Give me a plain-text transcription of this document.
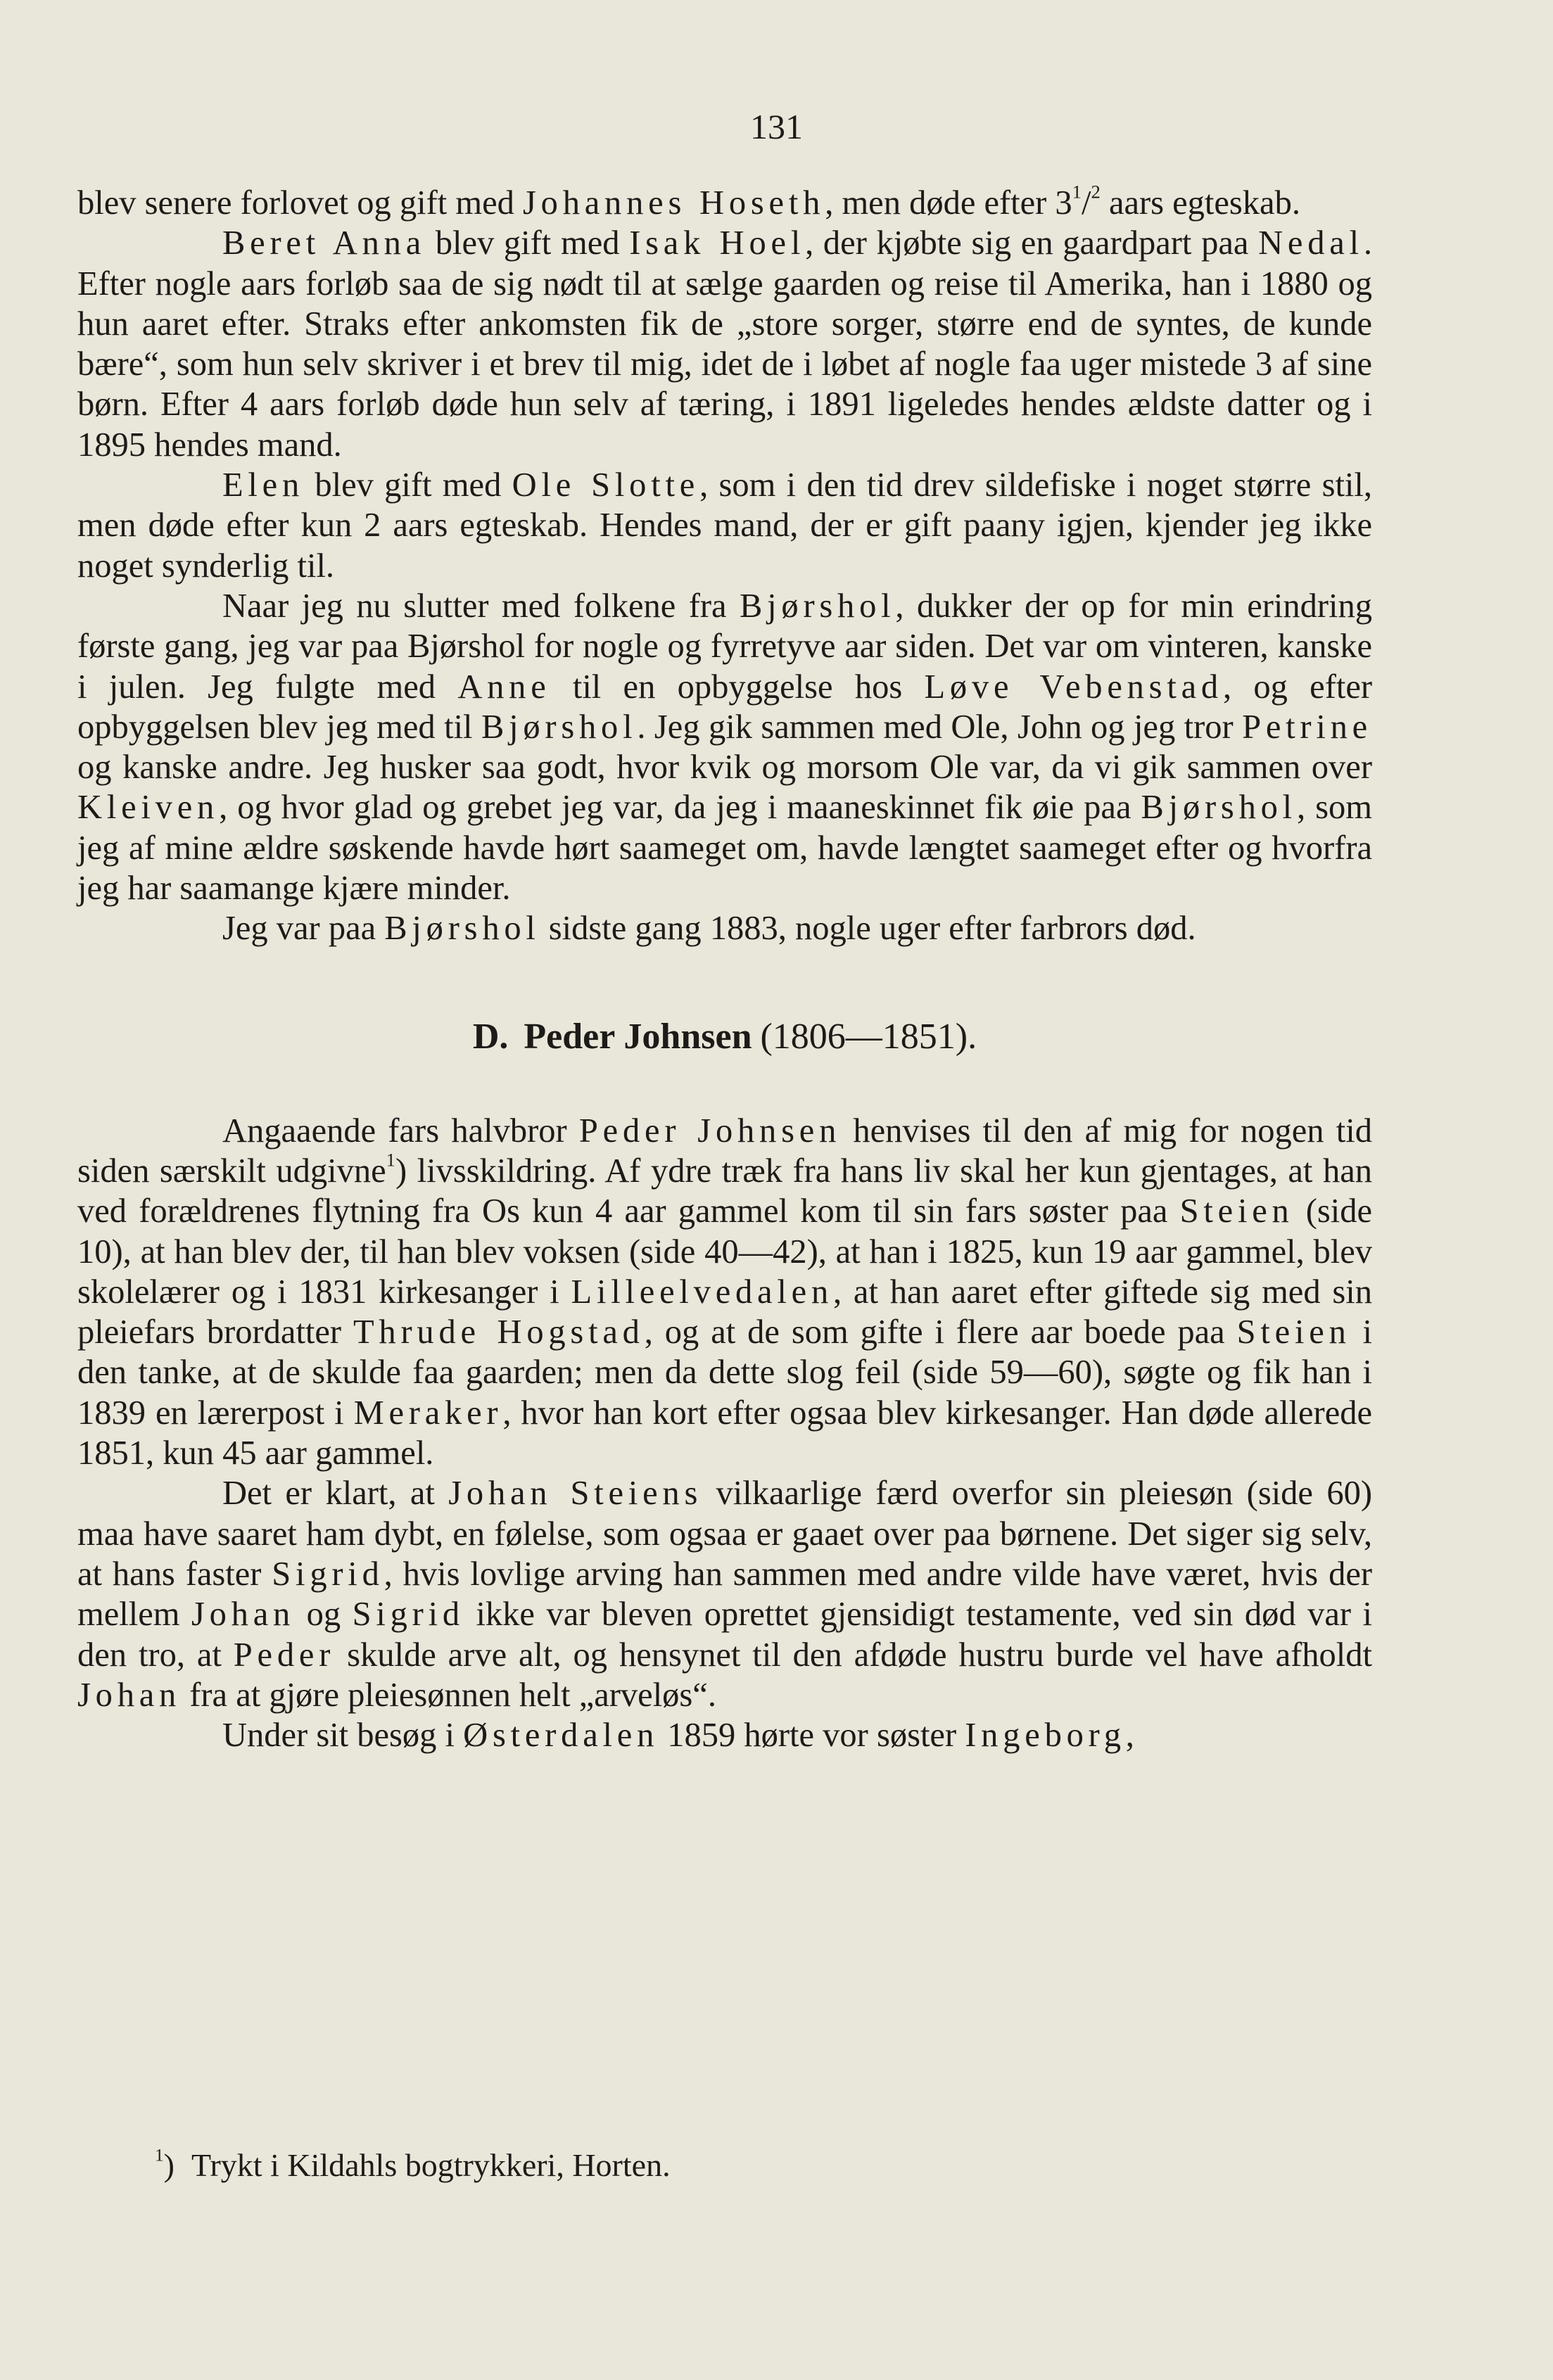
131

blev senere forlovet og gift med Johannes Hoseth, men døde efter $3^1/^2$ aars egteskab.

Beret Anna blev gift med Isak Hoel, der kjøbte sig en gaardpart paa Nedal. Efter nogle aars forløb saa de sig nødt til at sælge gaarden og reise til Amerika, han i 1880 og hun aaret efter. Straks efter ankomsten fik de „store sorger, større end de syntes, de kunde bære“, som hun selv skriver i et brev til mig, idet de i løbet af nogle faa uger mistede 3 af sine børn. Efter 4 aars forløb døde hun selv af tæring, i 1891 ligeledes hendes ældste datter og i 1895 hendes mand.

Elen blev gift med Ole Slotte, som i den tid drev sildefiske i noget større stil, men døde efter kun 2 aars egteskab. Hendes mand, der er gift paany igjen, kjender jeg ikke noget synderlig til.

Naar jeg nu slutter med folkene fra Bjørshol, dukker der op for min erindring første gang, jeg var paa Bjørshol for nogle og fyrretyve aar siden. Det var om vinteren, kanske i julen. Jeg fulgte med Anne til en opbyggelse hos Løve Vebenstad, og efter opbyggelsen blev jeg med til Bjørshol. Jeg gik sammen med Ole, John og jeg tror Petrine og kanske andre. Jeg husker saa godt, hvor kvik og morsom Ole var, da vi gik sammen over Kleiven, og hvor glad og grebet jeg var, da jeg i maaneskinnet fik øie paa Bjørshol, som jeg af mine ældre søskende havde hørt saameget om, havde længtet saameget efter og hvorfra jeg har saamange kjære minder.

Jeg var paa Bjørshol sidste gang 1883, nogle uger efter farbrors død.

D. Peder Johnsen (1806—1851).

Angaaende fars halvbror Peder Johnsen henvises til den af mig for nogen tid siden særskilt udgivne$^1$) livsskildring. Af ydre træk fra hans liv skal her kun gjentages, at han ved forældrenes flytning fra Os kun 4 aar gammel kom til sin fars søster paa Steien (side 10), at han blev der, til han blev voksen (side 40—42), at han i 1825, kun 19 aar gammel, blev skolelærer og i 1831 kirkesanger i Lilleelvedalen, at han aaret efter giftede sig med sin pleiefars brordatter Thrude Hogstad, og at de som gifte i flere aar boede paa Steien i den tanke, at de skulde faa gaarden; men da dette slog feil (side 59—60), søgte og fik han i 1839 en lærerpost i Meraker, hvor han kort efter ogsaa blev kirkesanger. Han døde allerede 1851, kun 45 aar gammel.

Det er klart, at Johan Steiens vilkaarlige færd overfor sin pleiesøn (side 60) maa have saaret ham dybt, en følelse, som ogsaa er gaaet over paa børnene. Det siger sig selv, at hans faster Sigrid, hvis lovlige arving han sammen med andre vilde have været, hvis der mellem Johan og Sigrid ikke var bleven oprettet gjensidigt testamente, ved sin død var i den tro, at Peder skulde arve alt, og hensynet til den afdøde hustru burde vel have afholdt Johan fra at gjøre pleiesønnen helt „arveløs“.

Under sit besøg i Østerdalen 1859 hørte vor søster Ingeborg,

$^1$) Trykt i Kildahls bogtrykkeri, Horten.
